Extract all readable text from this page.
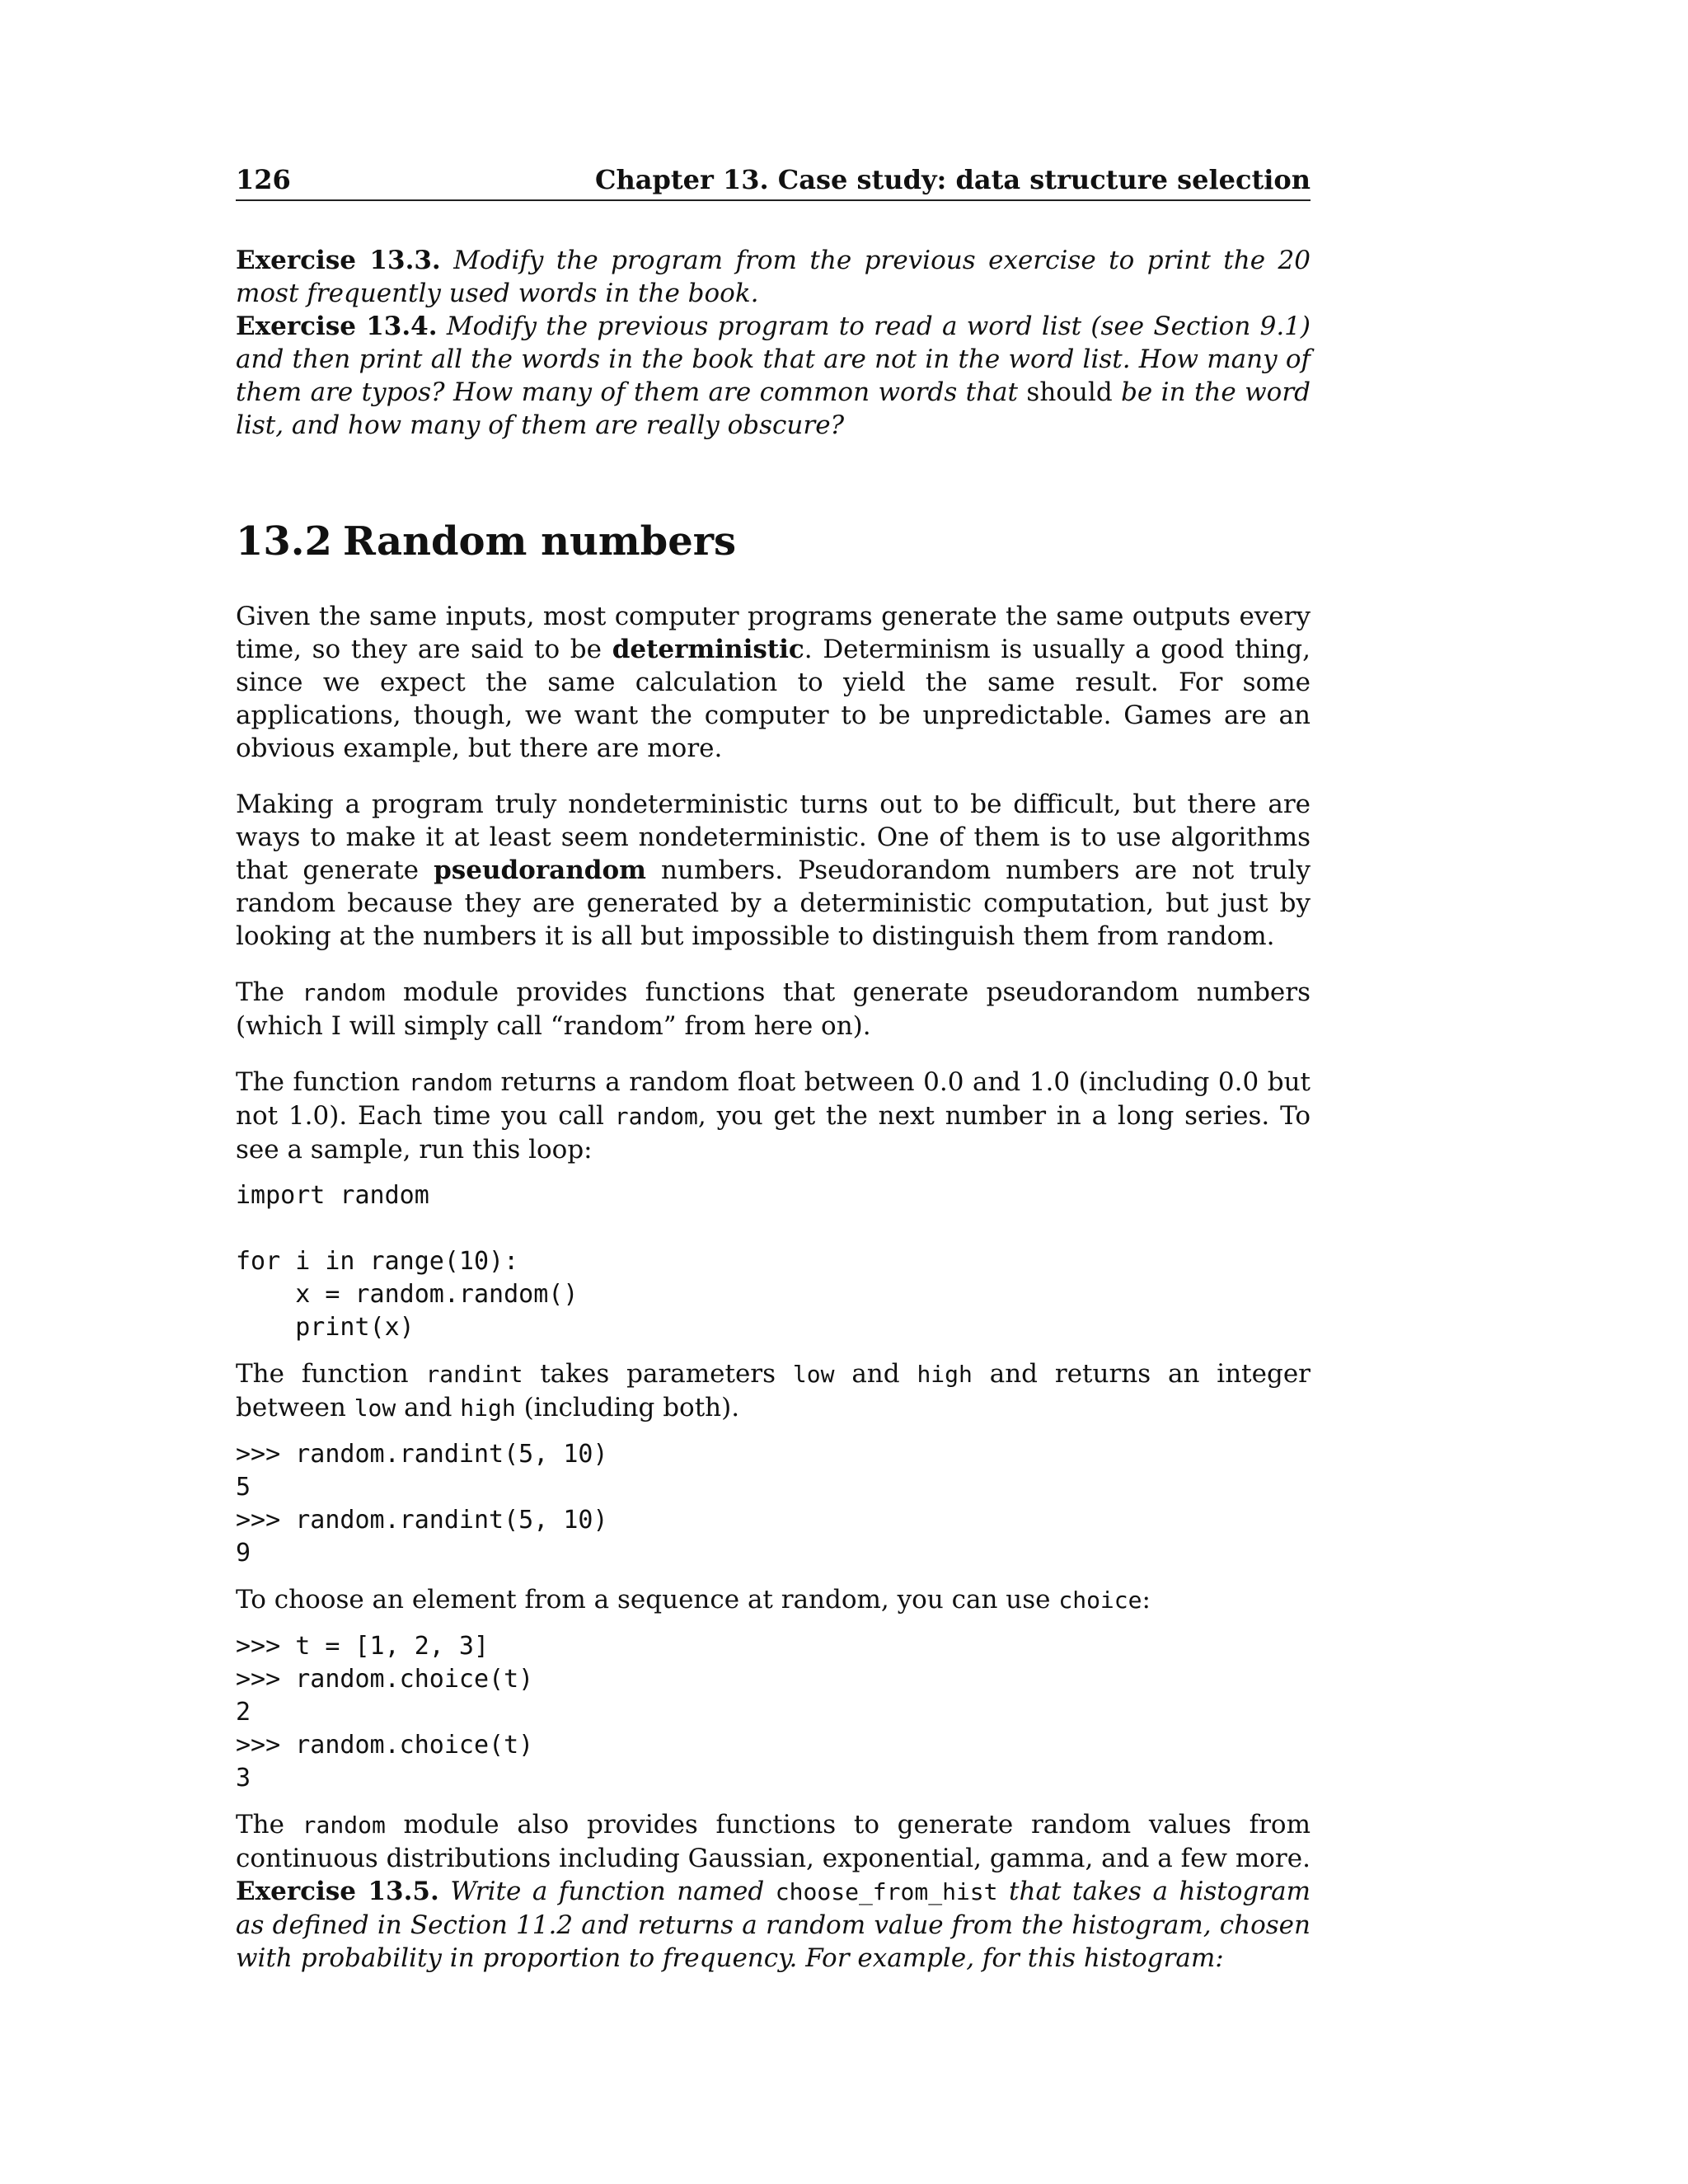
126	Chapter 13. Case study: data structure selection
Exercise 13.3. Modify the program from the previous exercise to print the 20 most frequently used words in the book.
Exercise 13.4. Modify the previous program to read a word list (see Section 9.1) and then print all the words in the book that are not in the word list. How many of them are typos? How many of them are common words that should be in the word list, and how many of them are really obscure?
13.2 Random numbers

Given the same inputs, most computer programs generate the same outputs every time, so they are said to be deterministic. Determinism is usually a good thing, since we expect the same calculation to yield the same result. For some applications, though, we want the computer to be unpredictable. Games are an obvious example, but there are more.

Making a program truly nondeterministic turns out to be difficult, but there are ways to make it at least seem nondeterministic. One of them is to use algorithms that generate pseudorandom numbers. Pseudorandom numbers are not truly random because they are generated by a deterministic computation, but just by looking at the numbers it is all but impossible to distinguish them from random.

The random module provides functions that generate pseudorandom numbers (which I will simply call “random” from here on).

The function random returns a random float between 0.0 and 1.0 (including 0.0 but not 1.0). Each time you call random, you get the next number in a long series. To see a sample, run this loop:

import random

for i in range(10):
x = random.random()
print(x)

The function randint takes parameters low and high and returns an integer between low and high (including both).

>>> random.randint(5, 10)
5
>>> random.randint(5, 10)
9

To choose an element from a sequence at random, you can use choice:

>>> t = [1, 2, 3]
>>> random.choice(t)
2
>>> random.choice(t)
3

The random module also provides functions to generate random values from continuous distributions including Gaussian, exponential, gamma, and a few more.

Exercise 13.5. Write a function named choose_from_hist that takes a histogram as defined in Section 11.2 and returns a random value from the histogram, chosen with probability in proportion to frequency. For example, for this histogram:
